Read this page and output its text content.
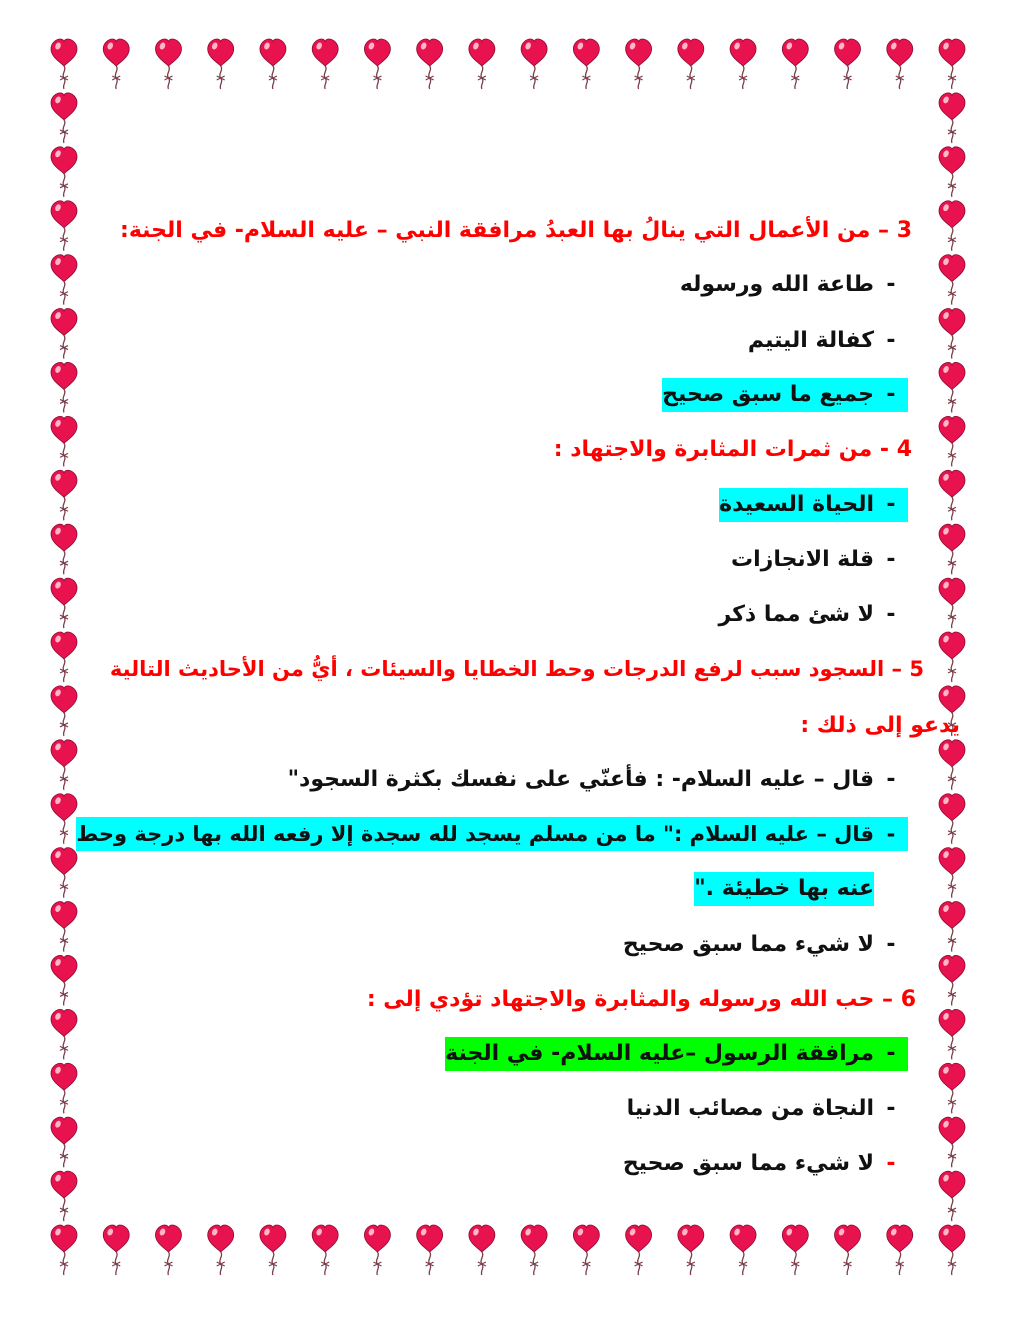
3 – من الأعمال التي ينالُ بها العبدُ مرافقة النبي – عليه السلام- في الجنة:
-طاعة الله ورسوله
-كفالة اليتيم
-جميع ما سبق صحيح
4 - من ثمرات المثابرة والاجتهاد :
-الحياة السعيدة
-قلة الانجازات
-لا شئ مما ذكر
5 – السجود سبب لرفع الدرجات وحط الخطايا والسيئات ، أيُّ من الأحاديث التالية
يدعو إلى ذلك :
-قال – عليه السلام- : فأعنّي على نفسك بكثرة السجود"
-قال – عليه السلام :" ما من مسلم يسجد لله سجدة إلا رفعه الله بها درجة وحط
عنه بها خطيئة ."
-لا شيء مما سبق صحيح
6 – حب الله ورسوله والمثابرة والاجتهاد تؤدي إلى :
-مرافقة الرسول –عليه السلام- في الجنة
-النجاة من مصائب الدنيا
-لا شيء مما سبق صحيح
